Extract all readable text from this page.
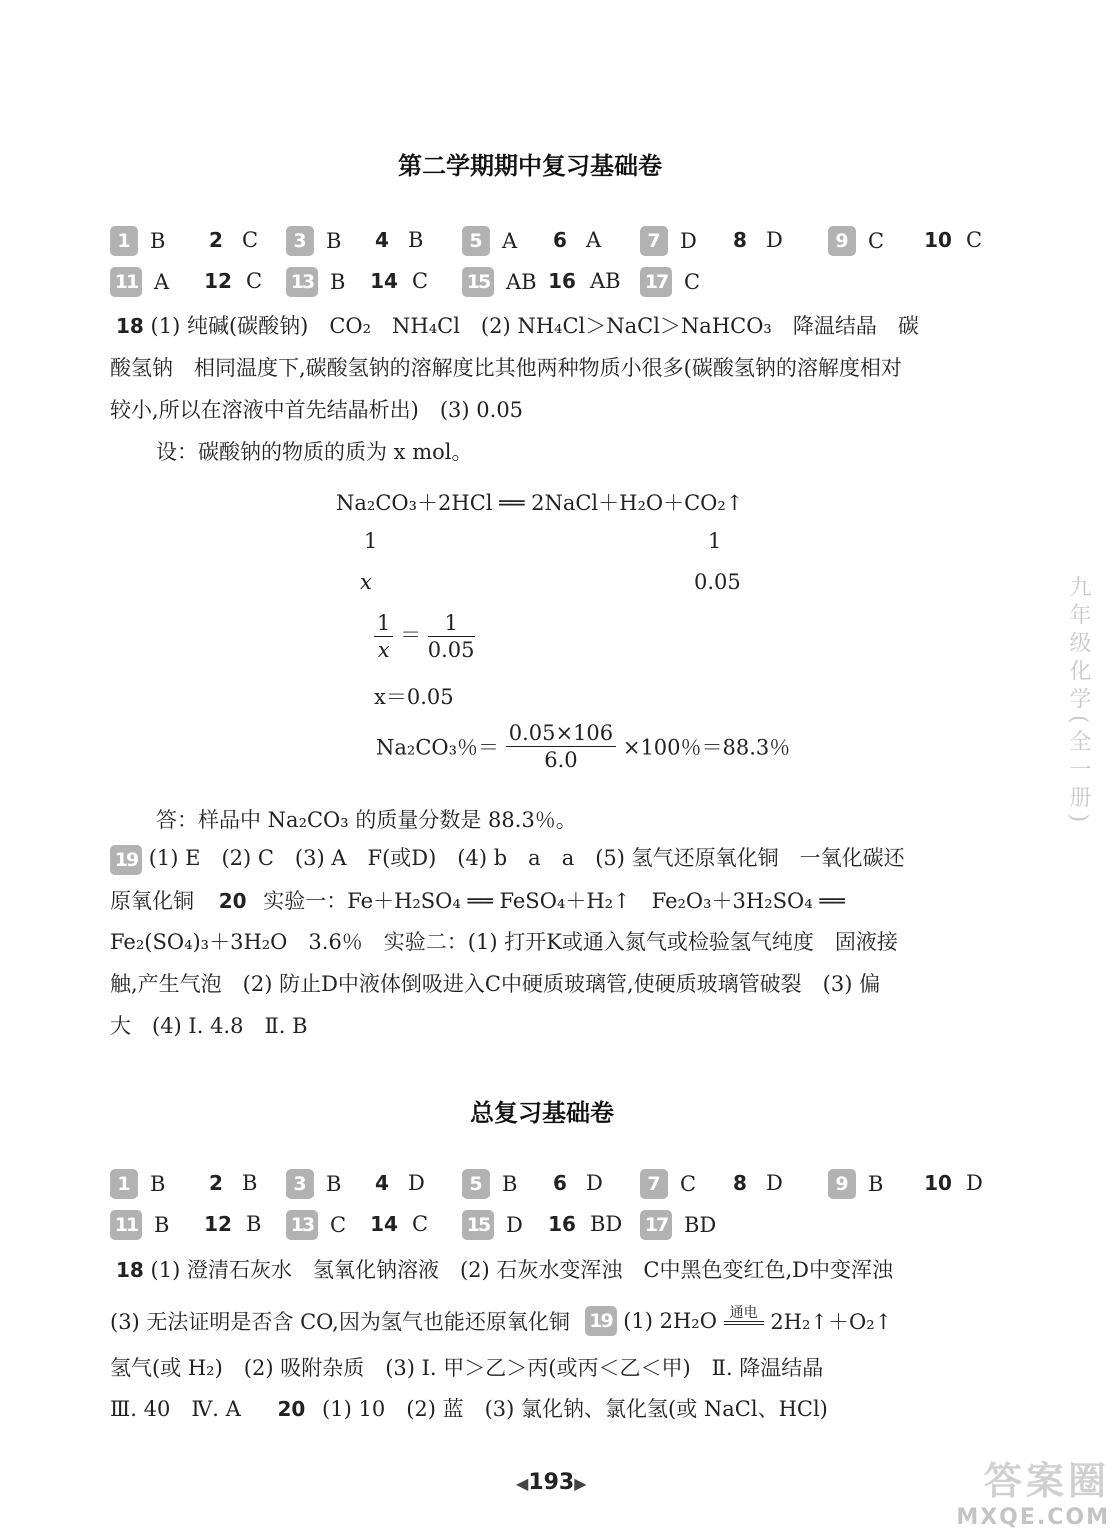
第二学期期中复习基础卷
1 B	2 C	3 B	4 B	5 A	6 A	7 D	8 D	9 C 10 C
11 A 12 C 13 B 14 C 15 AB 16 AB 17 C
18 (1) 纯碱(碳酸钠)　CO₂　NH₄Cl　(2) NH₄Cl＞NaCl＞NaHCO₃　降温结晶　碳
酸氢钠　相同温度下,碳酸氢钠的溶解度比其他两种物质小很多(碳酸氢钠的溶解度相对
较小,所以在溶液中首先结晶析出)　(3) 0.05
设：碳酸钠的物质的质为 x mol。
Na₂CO₃＋2HCl ══ 2NaCl＋H₂O＋CO₂↑
1	1
x	0.05
$\frac{1}{x} = \frac{1}{0.05}$
x＝0.05
Na₂CO₃％＝ $\frac{0.05\times 106}{6.0} \times 100$％＝88.3％
答：样品中 Na₂CO₃ 的质量分数是 88.3％。
19 (1) E　(2) C　(3) A　F(或D)　(4) b　a　a　(5) 氢气还原氧化铜　一氧化碳还
原氧化铜 20 实验一：Fe＋H₂SO₄ ══ FeSO₄＋H₂↑　Fe₂O₃＋3H₂SO₄ ══
Fe₂(SO₄)₃＋3H₂O　3.6％　实验二：(1) 打开K或通入氮气或检验氢气纯度　固液接
触,产生气泡　(2) 防止D中液体倒吸进入C中硬质玻璃管,使硬质玻璃管破裂　(3) 偏
大　(4) Ⅰ. 4.8　Ⅱ. B
总复习基础卷
1 B	2 B	3 B	4 D	5 B	6 D	7 C	8 D	9 B 10 D
11 B 12 B 13 C 14 C 15 D 16 BD 17 BD
18 (1) 澄清石灰水　氢氧化钠溶液　(2) 石灰水变浑浊　C中黑色变红色,D中变浑浊
(3) 无法证明是否含 CO,因为氢气也能还原氧化铜 19 (1) 2H₂O 通电 2H₂↑＋O₂↑
氢气(或 H₂)　(2) 吸附杂质　(3) Ⅰ. 甲＞乙＞丙(或丙＜乙＜甲)　Ⅱ. 降温结晶
Ⅲ. 40　Ⅳ. A 20 (1) 10　(2) 蓝　(3) 氯化钠、氯化氢(或 NaCl、HCl)
九年级化学(全一册)
◀193▶	答案圈
MXQE.COM
